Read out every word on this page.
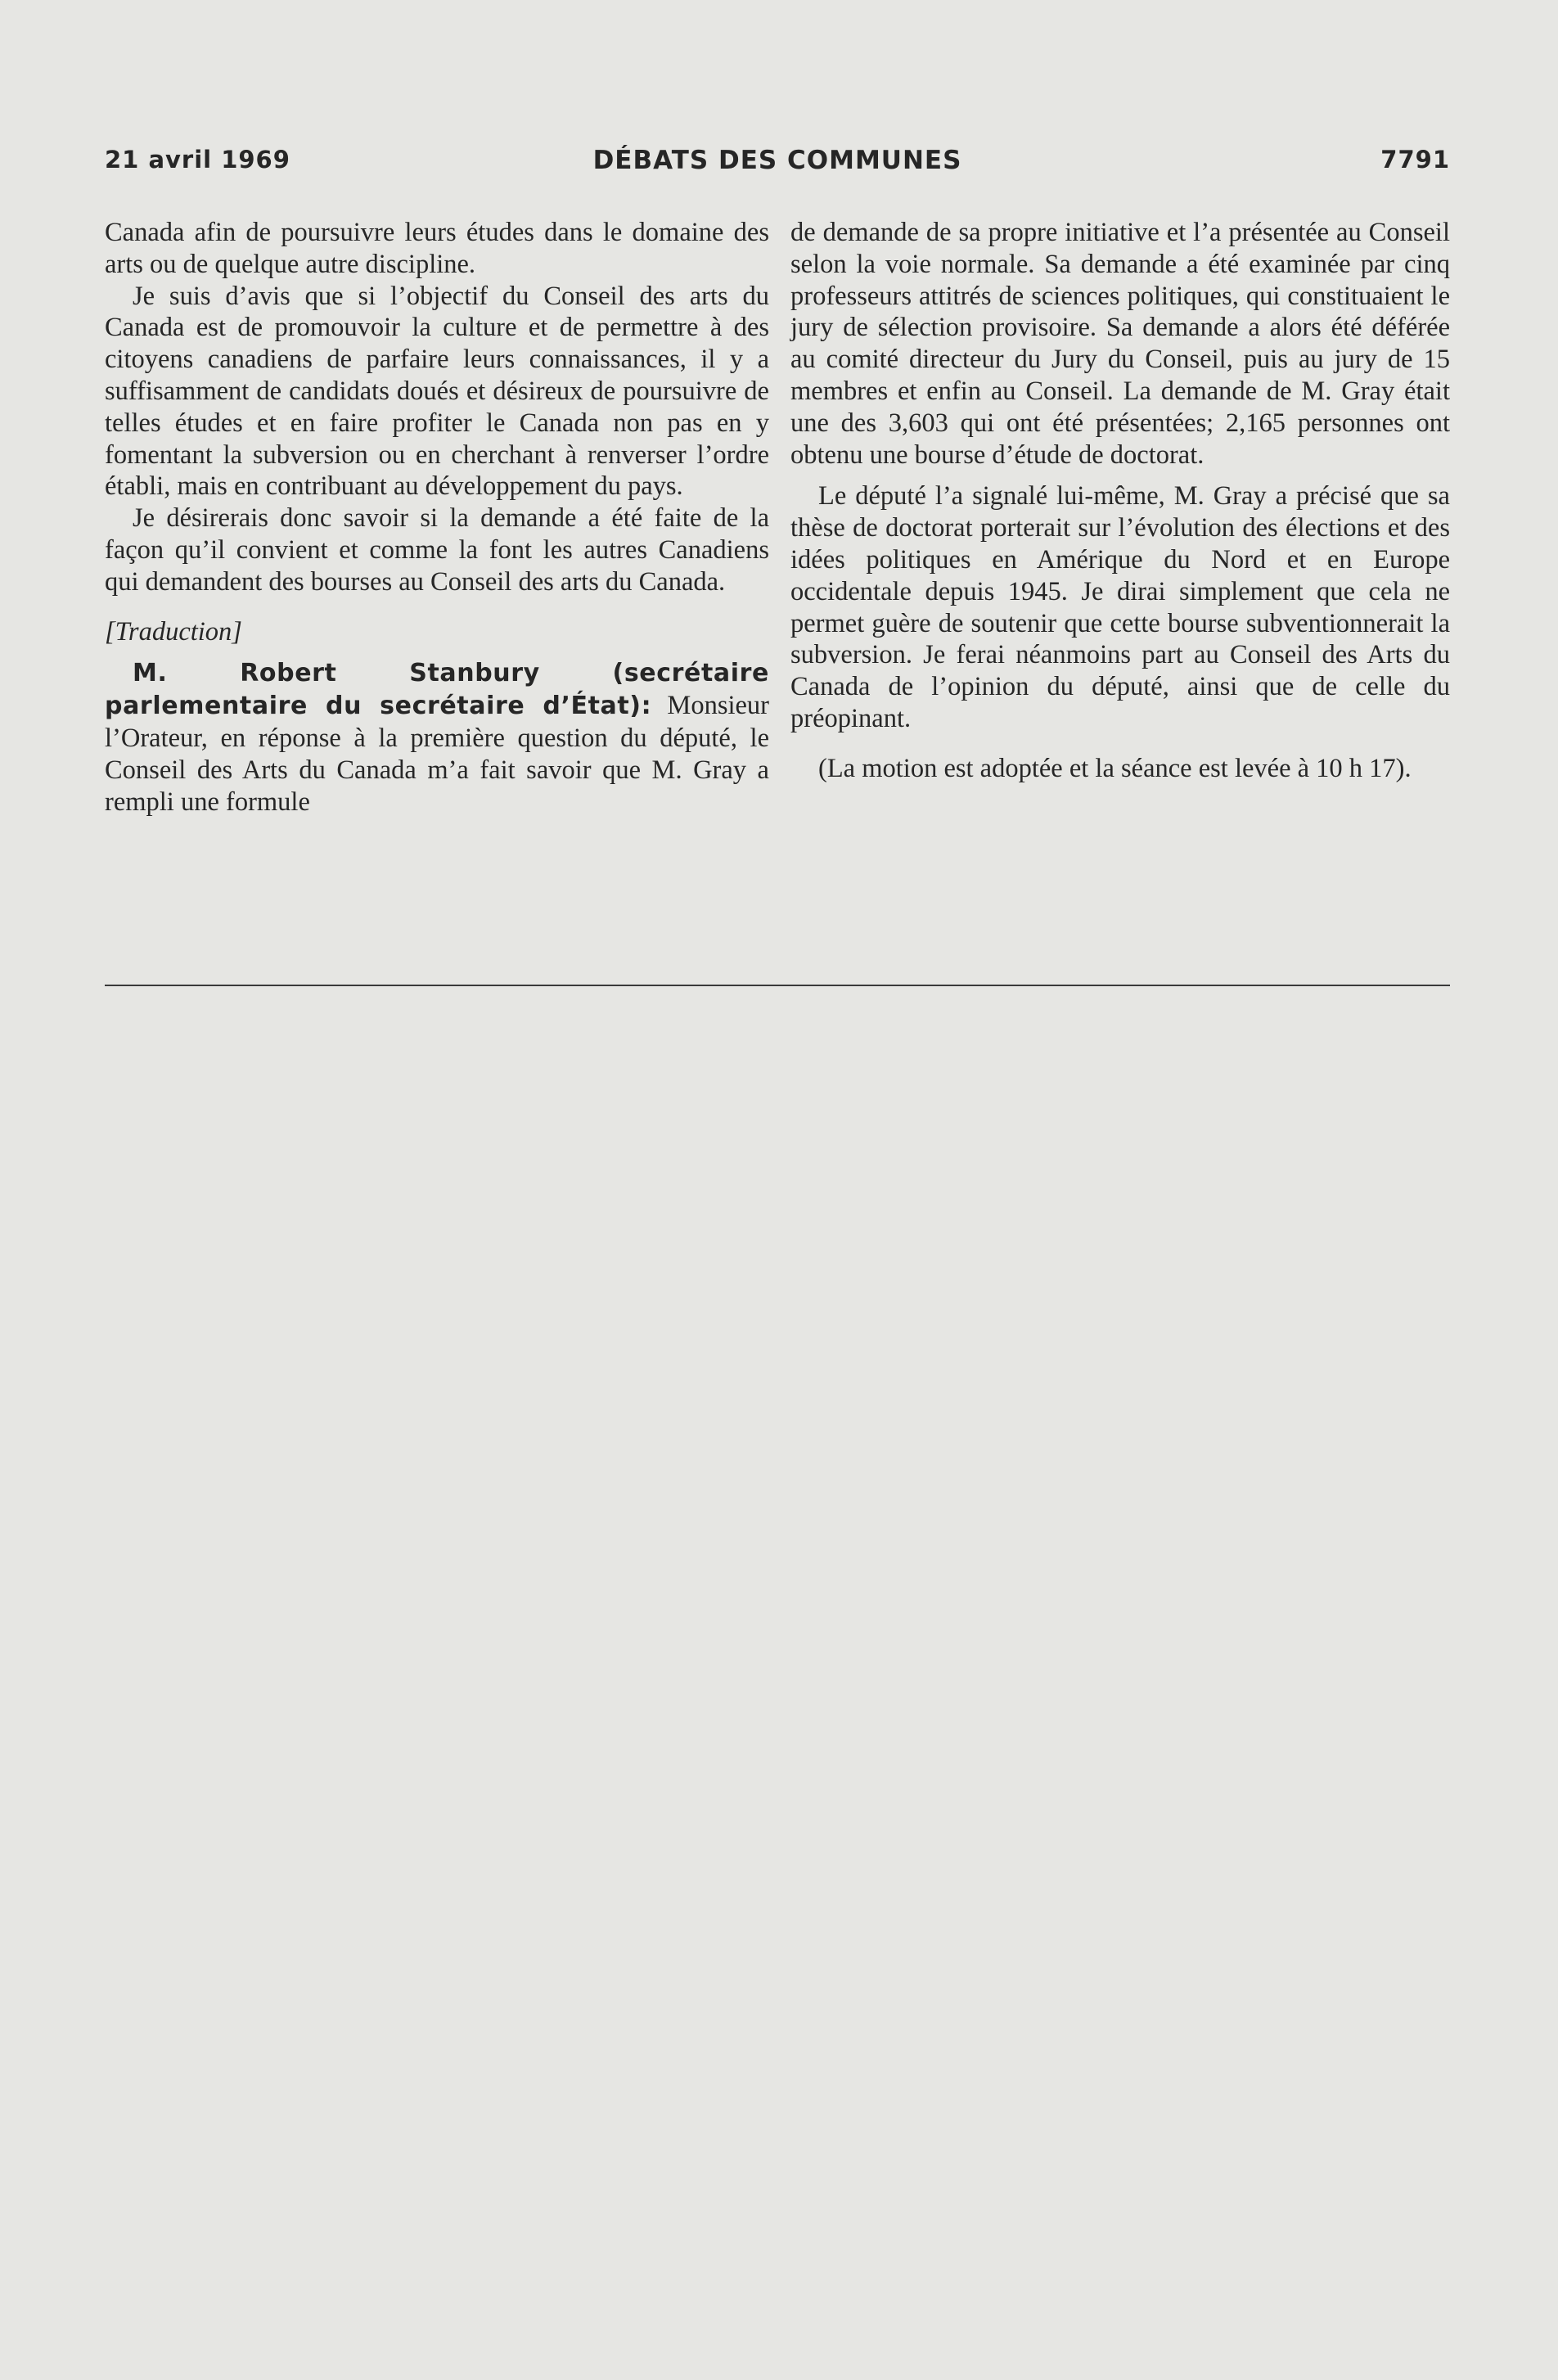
21 avril 1969	DÉBATS DES COMMUNES	7791

Canada afin de poursuivre leurs études dans le domaine des arts ou de quelque autre discipline.

Je suis d’avis que si l’objectif du Conseil des arts du Canada est de promouvoir la culture et de permettre à des citoyens canadiens de parfaire leurs connaissances, il y a suffisamment de candidats doués et désireux de poursuivre de telles études et en faire profiter le Canada non pas en y fomentant la subversion ou en cherchant à renverser l’ordre établi, mais en contribuant au développement du pays.

Je désirerais donc savoir si la demande a été faite de la façon qu’il convient et comme la font les autres Canadiens qui demandent des bourses au Conseil des arts du Canada.

[Traduction]

M. Robert Stanbury (secrétaire parlementaire du secrétaire d’État): Monsieur l’Orateur, en réponse à la première question du député, le Conseil des Arts du Canada m’a fait savoir que M. Gray a rempli une formule

de demande de sa propre initiative et l’a présentée au Conseil selon la voie normale. Sa demande a été examinée par cinq professeurs attitrés de sciences politiques, qui constituaient le jury de sélection provisoire. Sa demande a alors été déférée au comité directeur du Jury du Conseil, puis au jury de 15 membres et enfin au Conseil. La demande de M. Gray était une des 3,603 qui ont été présentées; 2,165 personnes ont obtenu une bourse d’étude de doctorat.

Le député l’a signalé lui-même, M. Gray a précisé que sa thèse de doctorat porterait sur l’évolution des élections et des idées politiques en Amérique du Nord et en Europe occidentale depuis 1945. Je dirai simplement que cela ne permet guère de soutenir que cette bourse subventionnerait la subversion. Je ferai néanmoins part au Conseil des Arts du Canada de l’opinion du député, ainsi que de celle du préopinant.

(La motion est adoptée et la séance est levée à 10 h 17).
